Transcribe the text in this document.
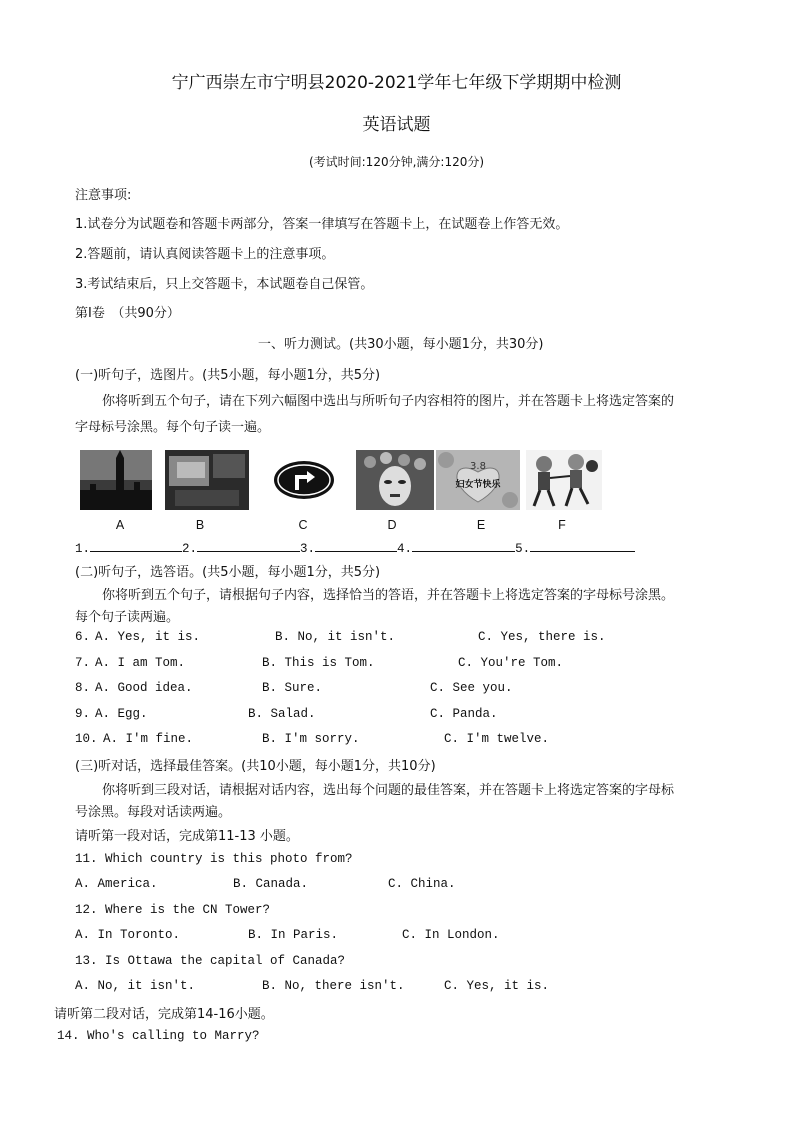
宁广西崇左市宁明县2020-2021学年七年级下学期期中检测
英语试题
(考试时间:120分钟,满分:120分)
注意事项:
1.试卷分为试题卷和答题卡两部分，答案一律填写在答题卡上，在试题卷上作答无效。
2.答题前，请认真阅读答题卡上的注意事项。
3.考试结束后，只上交答题卡，本试题卷自己保管。
第Ⅰ卷　（共90分）
一、听力测试。(共30小题，每小题1分，共30分)
(一)听句子，选图片。(共5小题，每小题1分，共5分)
你将听到五个句子，请在下列六幅图中选出与所听句子内容相符的图片，并在答题卡上将选定答案的
字母标号涂黑。每个句子读一遍。
3.8
妇女节快乐
A	B	C	D	E	F
1.	2.	3.	4.	5.
(二)听句子，选答语。(共5小题，每小题1分，共5分)
你将听到五个句子，请根据句子内容，选择恰当的答语，并在答题卡上将选定答案的字母标号涂黑。
每个句子读两遍。
6. A. Yes, it is.	B. No, it isn't.	C. Yes, there is.
7. A. I am Tom.	B. This is Tom.	C. You're Tom.
8. A. Good idea.	B. Sure.	C. See you.
9. A. Egg.	B. Salad.	C. Panda.
10. A. I'm fine.	B. I'm sorry.	C. I'm twelve.
(三)听对话，选择最佳答案。(共10小题，每小题1分，共10分)
你将听到三段对话，请根据对话内容，选出每个问题的最佳答案，并在答题卡上将选定答案的字母标
号涂黑。每段对话读两遍。
请听第一段对话，完成第11-13 小题。
11. Which country is this photo from?
A. America.	B. Canada.	C. China.
12. Where is the CN Tower?
A. In Toronto.	B. In Paris.	C. In London.
13. Is Ottawa the capital of Canada?
A. No, it isn't.	B. No, there isn't.	C. Yes, it is.
请听第二段对话，完成第14-16小题。
14. Who's calling to Marry?
